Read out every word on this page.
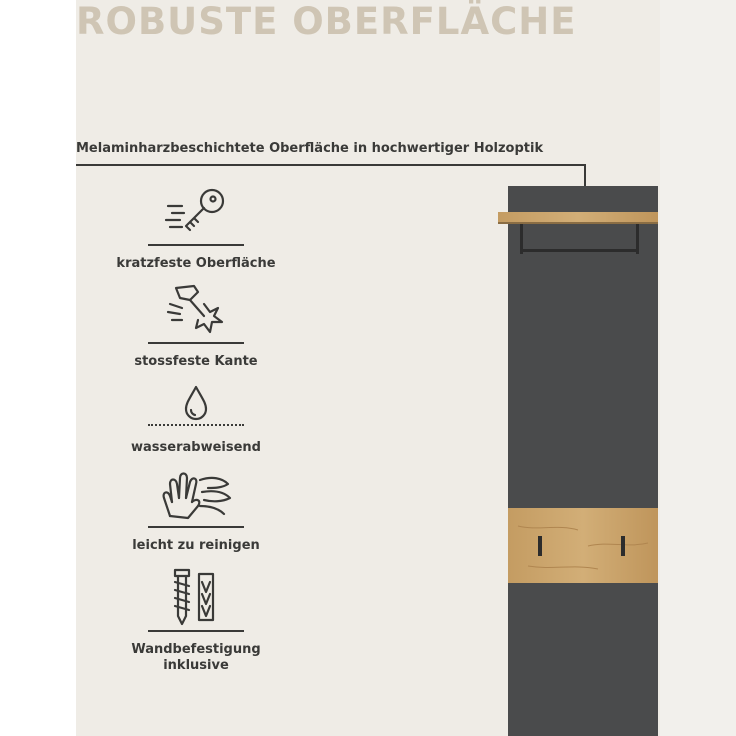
ROBUSTE OBERFLÄCHE
Melaminharzbeschichtete Oberfläche in hochwertiger Holzoptik
kratzfeste Oberfläche
stossfeste Kante
wasserabweisend
leicht zu reinigen
Wandbefestigung
inklusive
